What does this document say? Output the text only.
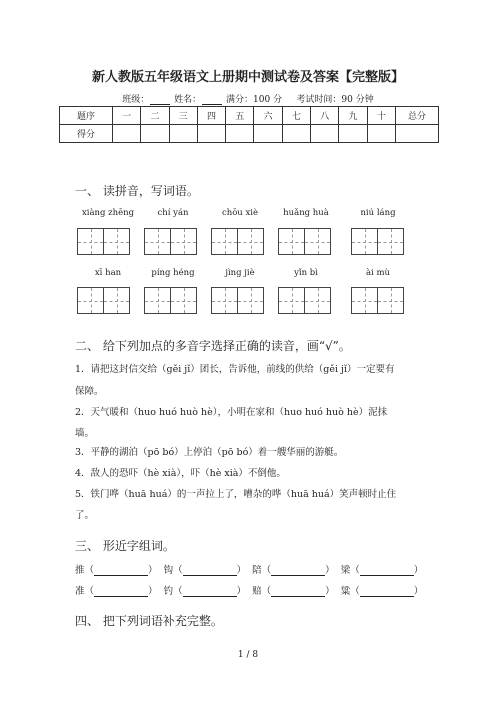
新人教版五年级语文上册期中测试卷及答案【完整版】
班级：	姓名：	满分：100 分 考试时间：90 分钟
题序	一	二	三	四	五	六	七	八	九	十	总分
得分											
一、 读拼音，写词语。
xiàng zhēng	chí yán	chōu xiè	huǎng huà	niú láng
xī han	píng héng	jìng jiè	yǐn bì	ài mù
二、 给下列加点的多音字选择正确的读音，画“√”。
1．请把这封信交给（gěi jǐ）团长，告诉他，前线的供给（gěi jǐ）一定要有
保障。
2．天气暖和（huo huó huò hè），小明在家和（huo huó huò hè）泥抹
墙。
3．平静的湖泊（pō bó）上停泊（pō bó）着一艘华丽的游艇。
4．敌人的恐吓（hè xià），吓（hè xià）不倒他。
5．铁门哗（huā huá）的一声拉上了，嘈杂的哗（huā huá）笑声顿时止住
了。
三、 形近字组词。
推（	） 钩（	） 陪（	） 梁（	）
准（	） 钓（	） 赔（	） 粱（	）
四、 把下列词语补充完整。
1 / 8
